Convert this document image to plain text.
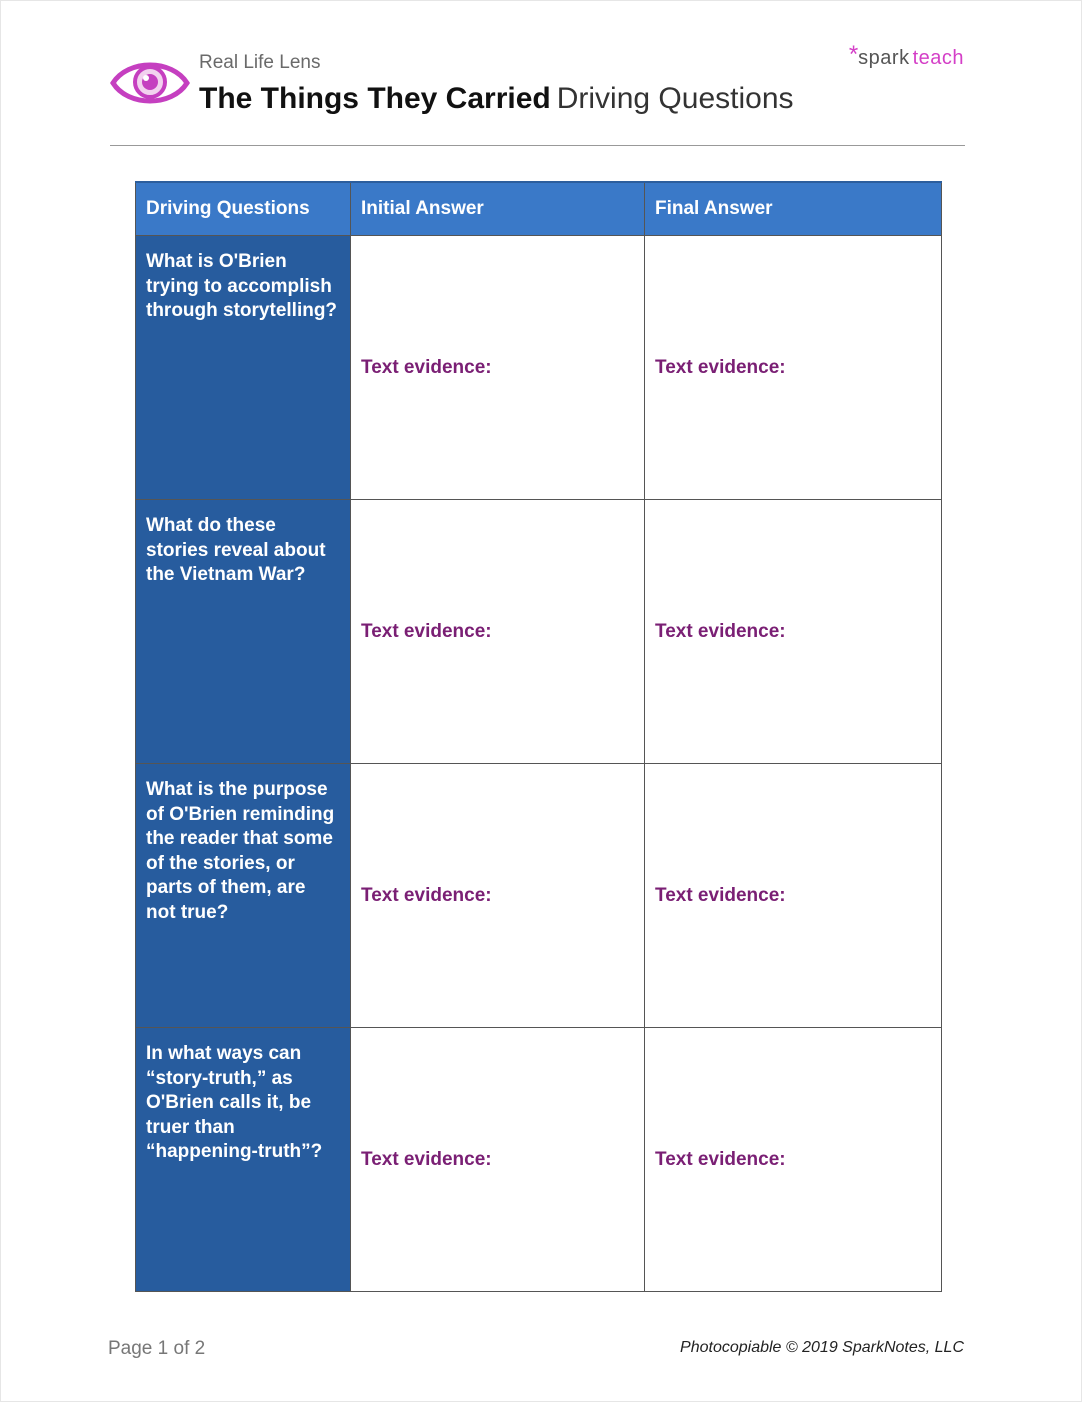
Real Life Lens
The Things They Carried Driving Questions
*spark teach
Driving Questions	Initial Answer	Final Answer
What is O'Brien trying to accomplish through storytelling?	Text evidence:	Text evidence:
What do these stories reveal about the Vietnam War?	Text evidence:	Text evidence:
What is the purpose of O'Brien reminding the reader that some of the stories, or parts of them, are not true?	Text evidence:	Text evidence:
In what ways can “story-truth,” as O'Brien calls it, be truer than “happening-truth”?	Text evidence:	Text evidence:
Page 1 of 2	Photocopiable © 2019 SparkNotes, LLC
